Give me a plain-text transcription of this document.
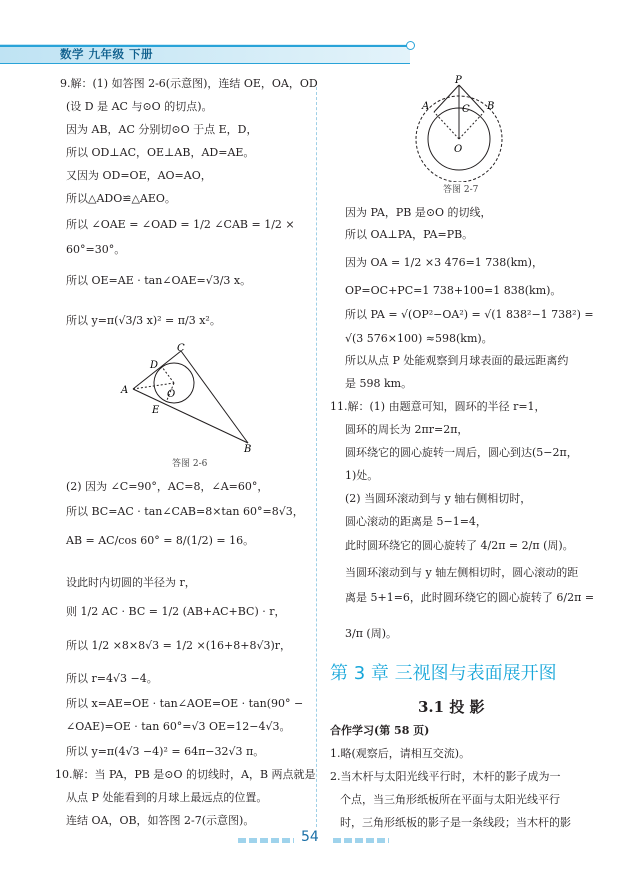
数学 九年级 下册
9.解：(1) 如答图 2-6(示意图)，连结 OE，OA，OD
(设 D 是 AC 与⊙O 的切点)。
因为 AB，AC 分别切⊙O 于点 E，D，
所以 OD⊥AC，OE⊥AB，AD=AE。
又因为 OD=OE，AO=AO，
所以△ADO≌△AEO。
所以 ∠OAE = ∠OAD = 1/2 ∠CAB = 1/2 ×
60°=30°。
所以 OE=AE · tan∠OAE=√3/3 x。
所以 y=π(√3/3 x)² = π/3 x²。
C
D
A	O
E
B
答图 2-6
(2) 因为 ∠C=90°，AC=8，∠A=60°，
所以 BC=AC · tan∠CAB=8×tan 60°=8√3，
AB = AC/cos 60° = 8/(1/2) = 16。
设此时内切圆的半径为 r，
则 1/2 AC · BC = 1/2 (AB+AC+BC) · r，
所以 1/2 ×8×8√3 = 1/2 ×(16+8+8√3)r，
所以 r=4√3 −4。
所以 x=AE=OE · tan∠AOE=OE · tan(90° −
∠OAE)=OE · tan 60°=√3 OE=12−4√3。
所以 y=π(4√3 −4)² = 64π−32√3 π。
10.解：当 PA，PB 是⊙O 的切线时，A，B 两点就是
从点 P 处能看到的月球上最远点的位置。
连结 OA，OB，如答图 2-7(示意图)。
P
A	C B
O
答图 2-7
因为 PA，PB 是⊙O 的切线，
所以 OA⊥PA，PA=PB。
因为 OA = 1/2 ×3 476=1 738(km)，
OP=OC+PC=1 738+100=1 838(km)。
所以 PA = √(OP²−OA²) = √(1 838²−1 738²) =
√(3 576×100) ≈598(km)。
所以从点 P 处能观察到月球表面的最远距离约
是 598 km。
11.解：(1) 由题意可知，圆环的半径 r=1，
圆环的周长为 2πr=2π，
圆环绕它的圆心旋转一周后，圆心到达(5−2π，
1)处。
(2) 当圆环滚动到与 y 轴右侧相切时，
圆心滚动的距离是 5−1=4，
此时圆环绕它的圆心旋转了 4/2π = 2/π (周)。
当圆环滚动到与 y 轴左侧相切时，圆心滚动的距
离是 5+1=6，此时圆环绕它的圆心旋转了 6/2π =
3/π (周)。
第 3 章 三视图与表面展开图
3.1 投 影
合作学习(第 58 页)
1.略(观察后，请相互交流)。
2.当木杆与太阳光线平行时，木杆的影子成为一
个点，当三角形纸板所在平面与太阳光线平行
时，三角形纸板的影子是一条线段；当木杆的影
54
